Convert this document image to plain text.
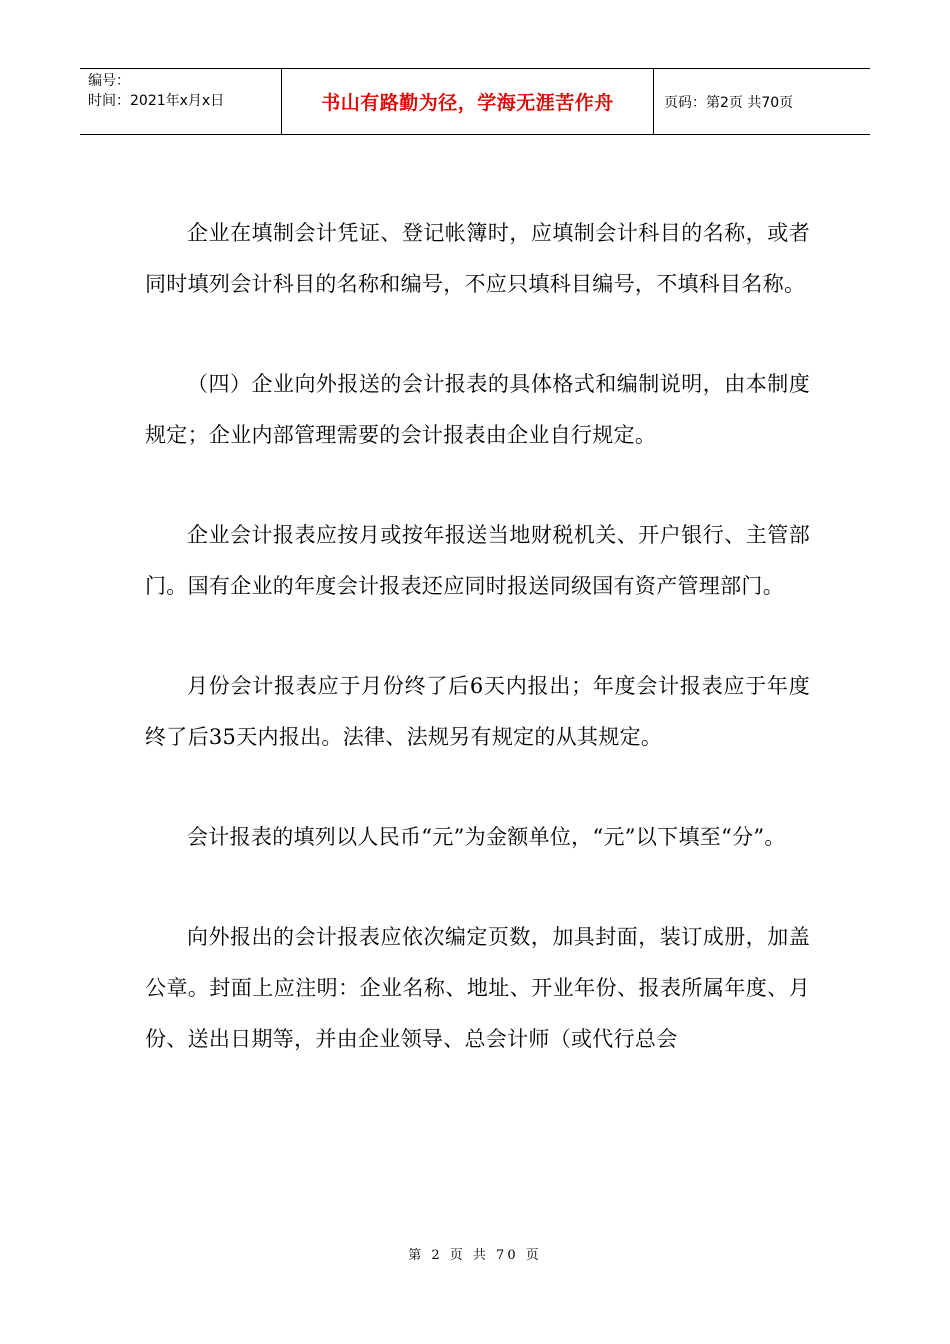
编号：
时间：2021年x月x日	书山有路勤为径，学海无涯苦作舟	页码：第2页 共70页

企业在填制会计凭证、登记帐簿时，应填制会计科目的名称，或者同时填列会计科目的名称和编号，不应只填科目编号，不填科目名称。

（四）企业向外报送的会计报表的具体格式和编制说明，由本制度规定；企业内部管理需要的会计报表由企业自行规定。

企业会计报表应按月或按年报送当地财税机关、开户银行、主管部门。国有企业的年度会计报表还应同时报送同级国有资产管理部门。

月份会计报表应于月份终了后6天内报出；年度会计报表应于年度终了后35天内报出。法律、法规另有规定的从其规定。

会计报表的填列以人民币“元”为金额单位，“元”以下填至“分”。

向外报出的会计报表应依次编定页数，加具封面，装订成册，加盖公章。封面上应注明：企业名称、地址、开业年份、报表所属年度、月份、送出日期等，并由企业领导、总会计师（或代行总会

第 2 页 共 70 页
